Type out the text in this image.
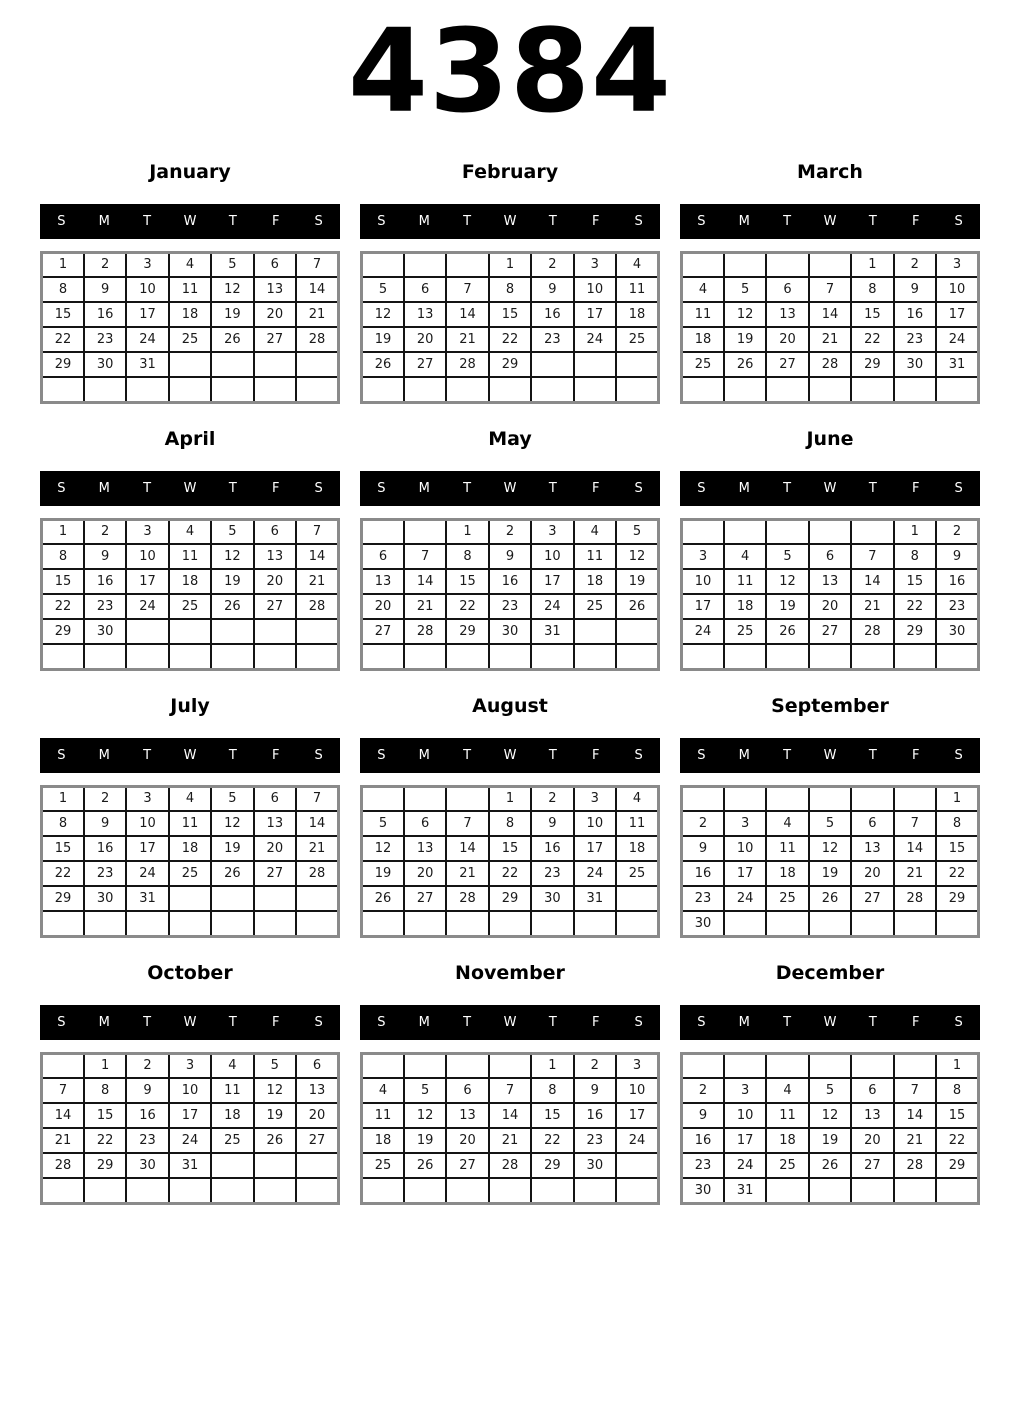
4384
January
S	M	T	W	T	F	S
1	2	3	4	5	6	7
8	9	10	11	12	13	14
15	16	17	18	19	20	21
22	23	24	25	26	27	28
29	30	31				

February
S	M	T	W	T	F	S
			1	2	3	4
5	6	7	8	9	10	11
12	13	14	15	16	17	18
19	20	21	22	23	24	25
26	27	28	29			

March
S	M	T	W	T	F	S
				1	2	3
4	5	6	7	8	9	10
11	12	13	14	15	16	17
18	19	20	21	22	23	24
25	26	27	28	29	30	31

April
S	M	T	W	T	F	S
1	2	3	4	5	6	7
8	9	10	11	12	13	14
15	16	17	18	19	20	21
22	23	24	25	26	27	28
29	30					

May
S	M	T	W	T	F	S
		1	2	3	4	5
6	7	8	9	10	11	12
13	14	15	16	17	18	19
20	21	22	23	24	25	26
27	28	29	30	31		

June
S	M	T	W	T	F	S
					1	2
3	4	5	6	7	8	9
10	11	12	13	14	15	16
17	18	19	20	21	22	23
24	25	26	27	28	29	30

July
S	M	T	W	T	F	S
1	2	3	4	5	6	7
8	9	10	11	12	13	14
15	16	17	18	19	20	21
22	23	24	25	26	27	28
29	30	31				

August
S	M	T	W	T	F	S
			1	2	3	4
5	6	7	8	9	10	11
12	13	14	15	16	17	18
19	20	21	22	23	24	25
26	27	28	29	30	31	

September
S	M	T	W	T	F	S
						1
2	3	4	5	6	7	8
9	10	11	12	13	14	15
16	17	18	19	20	21	22
23	24	25	26	27	28	29
30						
October
S	M	T	W	T	F	S
	1	2	3	4	5	6
7	8	9	10	11	12	13
14	15	16	17	18	19	20
21	22	23	24	25	26	27
28	29	30	31			

November
S	M	T	W	T	F	S
				1	2	3
4	5	6	7	8	9	10
11	12	13	14	15	16	17
18	19	20	21	22	23	24
25	26	27	28	29	30	

December
S	M	T	W	T	F	S
						1
2	3	4	5	6	7	8
9	10	11	12	13	14	15
16	17	18	19	20	21	22
23	24	25	26	27	28	29
30	31					
